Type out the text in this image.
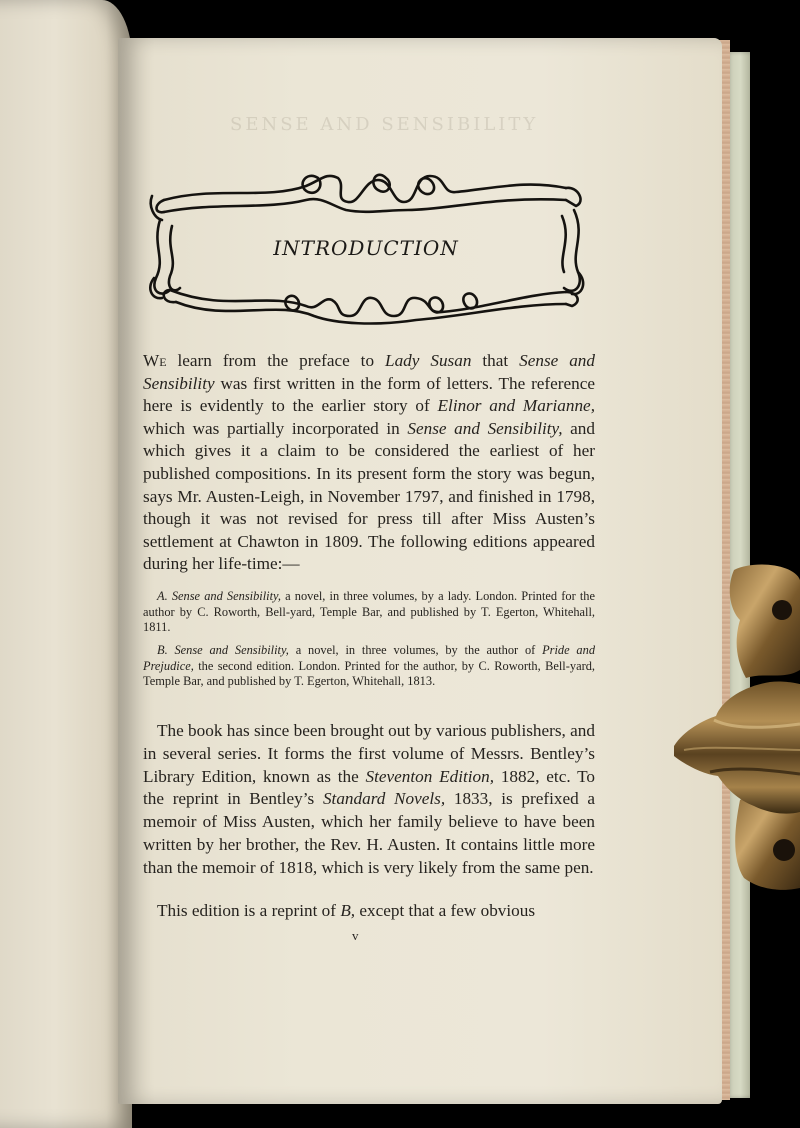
SENSE AND SENSIBILITY
INTRODUCTION
We learn from the preface to Lady Susan that Sense and Sensibility was first written in the form of letters. The reference here is evidently to the earlier story of Elinor and Marianne, which was partially incorporated in Sense and Sensibility, and which gives it a claim to be considered the earliest of her published compositions. In its present form the story was begun, says Mr. Austen-Leigh, in November 1797, and finished in 1798, though it was not revised for press till after Miss Austen’s settlement at Chawton in 1809. The following editions appeared during her life-time:—
A. Sense and Sensibility, a novel, in three volumes, by a lady. London. Printed for the author by C. Roworth, Bell-yard, Temple Bar, and published by T. Egerton, Whitehall, 1811.
B. Sense and Sensibility, a novel, in three volumes, by the author of Pride and Prejudice, the second edition. London. Printed for the author, by C. Roworth, Bell-yard, Temple Bar, and published by T. Egerton, Whitehall, 1813.
The book has since been brought out by various publishers, and in several series. It forms the first volume of Messrs. Bentley’s Library Edition, known as the Steventon Edition, 1882, etc. To the reprint in Bentley’s Standard Novels, 1833, is prefixed a memoir of Miss Austen, which her family believe to have been written by her brother, the Rev. H. Austen. It contains little more than the memoir of 1818, which is very likely from the same pen.
This edition is a reprint of B, except that a few obvious
v
